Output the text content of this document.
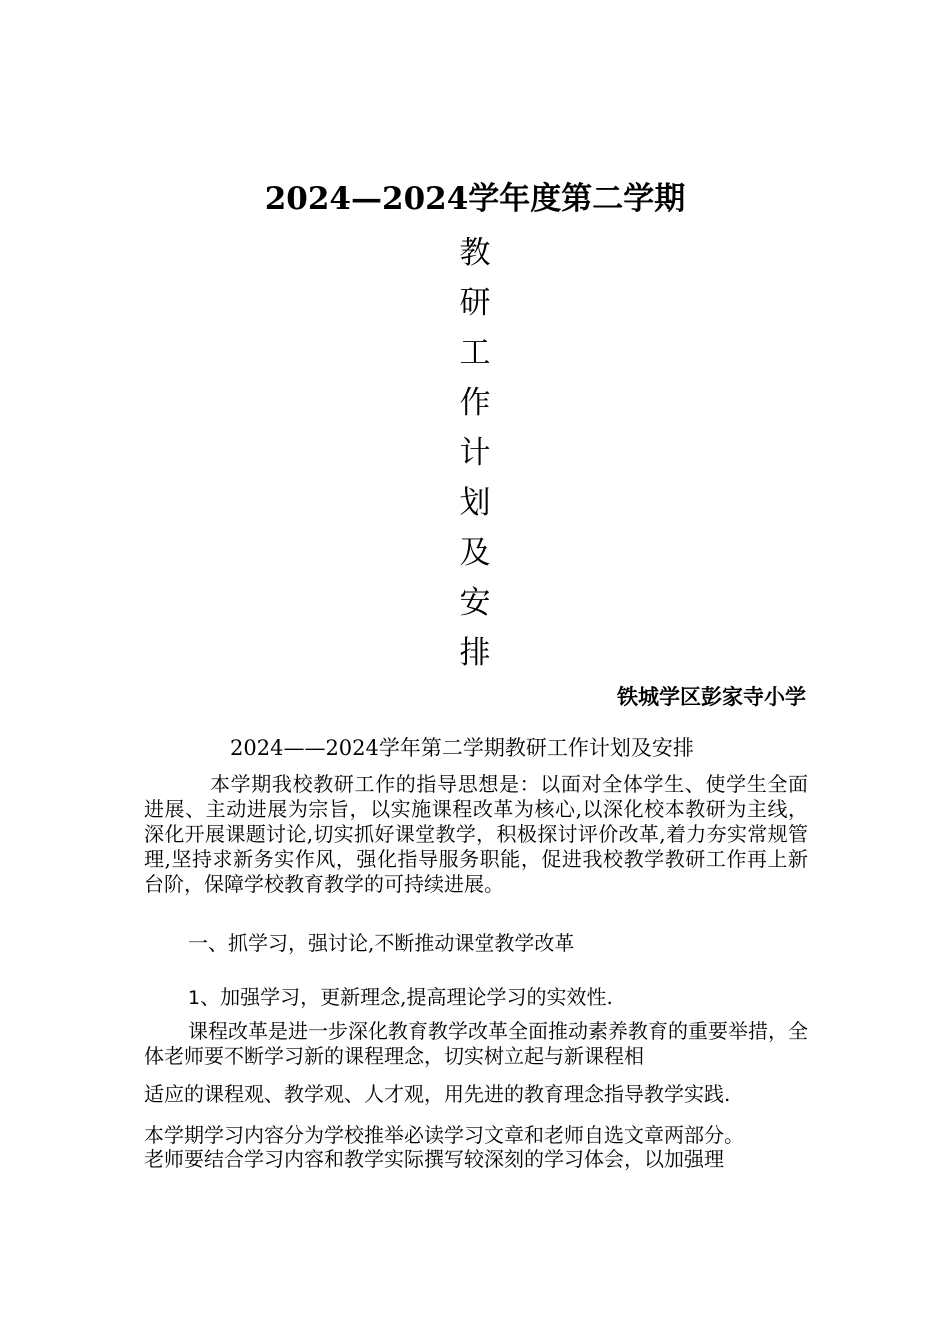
2024—2024学年度第二学期
教
研
工
作
计
划
及
安
排
铁城学区彭家寺小学
2024——2024学年第二学期教研工作计划及安排
本学期我校教研工作的指导思想是：以面对全体学生、使学生全面进展、主动进展为宗旨，以实施课程改革为核心,以深化校本教研为主线，深化开展课题讨论,切实抓好课堂教学，积极探讨评价改革,着力夯实常规管理,坚持求新务实作风，强化指导服务职能，促进我校教学教研工作再上新台阶，保障学校教育教学的可持续进展。
一、抓学习，强讨论,不断推动课堂教学改革
1、加强学习，更新理念,提高理论学习的实效性.
课程改革是进一步深化教育教学改革全面推动素养教育的重要举措，全体老师要不断学习新的课程理念，切实树立起与新课程相
适应的课程观、教学观、人才观，用先进的教育理念指导教学实践.
本学期学习内容分为学校推举必读学习文章和老师自选文章两部分。
老师要结合学习内容和教学实际撰写较深刻的学习体会，以加强理
